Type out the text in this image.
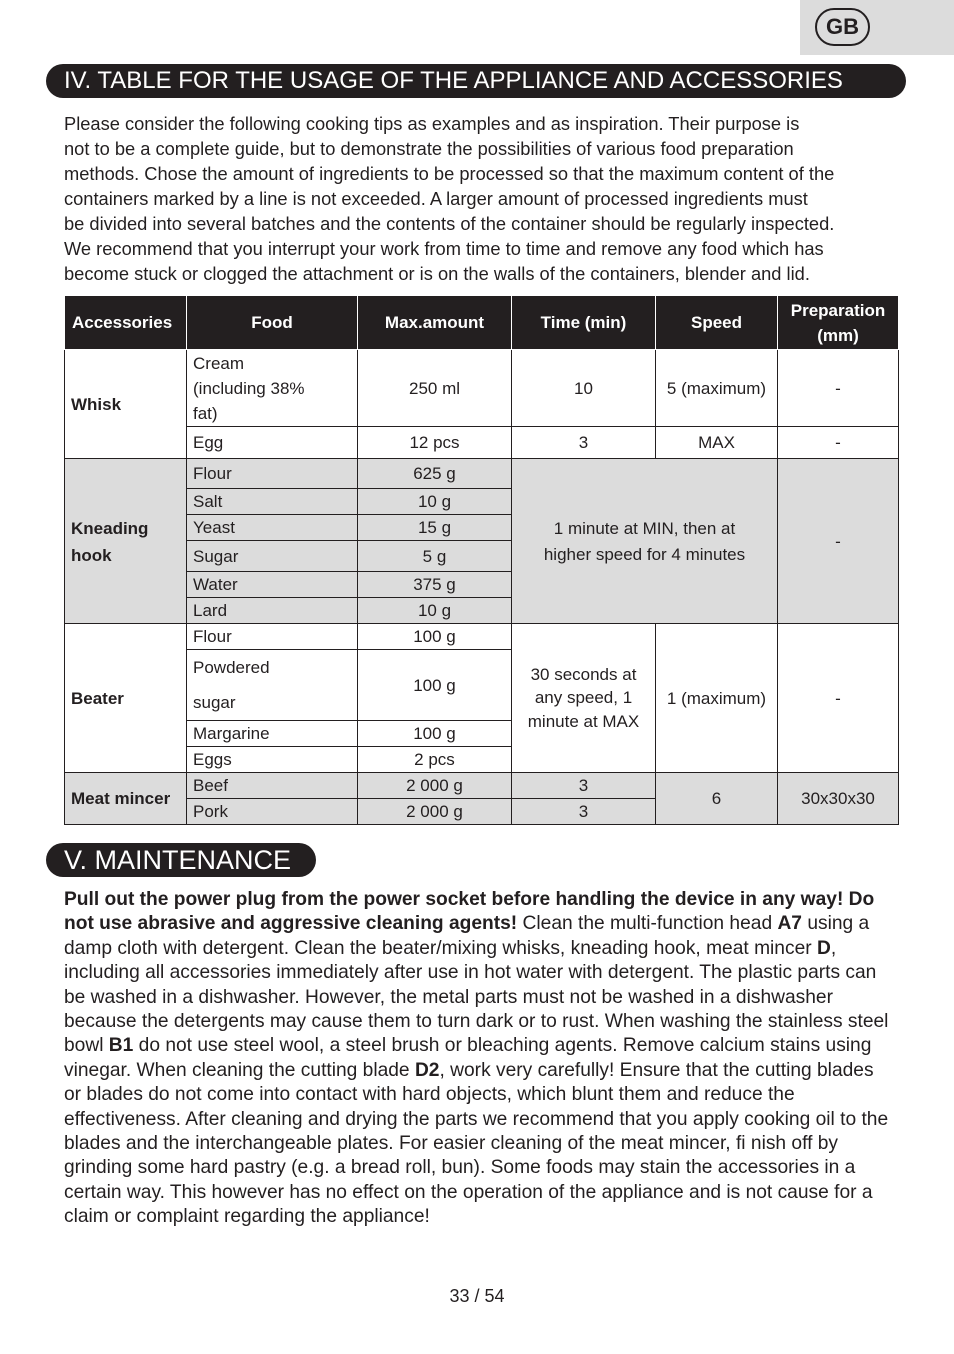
GB
IV. TABLE FOR THE USAGE OF THE APPLIANCE AND ACCESSORIES

Please consider the following cooking tips as examples and as inspiration. Their purpose is

not to be a complete guide, but to demonstrate the possibilities of various food preparation

methods. Chose the amount of ingredients to be processed so that the maximum content of the

containers marked by a line is not exceeded. A larger amount of processed ingredients must

be divided into several batches and the contents of the container should be regularly inspected.

We recommend that you interrupt your work from time to time and remove any food which has

become stuck or clogged the attachment or is on the walls of the containers, blender and lid.

Accessories	Food	Max.amount	Time (min)	Speed	Preparation (mm)
Whisk	Cream (including 38% fat)	250 ml	10	5 (maximum)	-
	Egg	12 pcs	3	MAX	-

Kneading hook	Flour	625 g	1 minute at MIN, then at higher speed for 4 minutes		-
	Salt	10 g			
	Yeast	15 g			
	Sugar	5 g			
	Water	375 g			
	Lard	10 g			
Beater	Flour	100 g	30 seconds at any speed, 1 minute at MAX	1 (maximum)	-

	Powdered sugar	100 g			
	Margarine	100 g			
	Eggs	2 pcs			
Meat mincer	Beef	2 000 g	3	6	30x30x30
	Pork	2 000 g	3		
V. MAINTENANCE

Pull out the power plug from the power socket before handling the device in any way! Do not use abrasive and aggressive cleaning agents! Clean the multi-function head A7 using a damp cloth with detergent. Clean the beater/mixing whisks, kneading hook, meat mincer D, including all accessories immediately after use in hot water with detergent. The plastic parts can be washed in a dishwasher. However, the metal parts must not be washed in a dishwasher because the detergents may cause them to turn dark or to rust. When washing the stainless steel bowl B1 do not use steel wool, a steel brush or bleaching agents. Remove calcium stains using vinegar. When cleaning the cutting blade D2, work very carefully! Ensure that the cutting blades or blades do not come into contact with hard objects, which blunt them and reduce the effectiveness. After cleaning and drying the parts we recommend that you apply cooking oil to the blades and the interchangeable plates. For easier cleaning of the meat mincer, fi nish off by grinding some hard pastry (e.g. a bread roll, bun). Some foods may stain the accessories in a certain way. This however has no effect on the operation of the appliance and is not cause for a claim or complaint regarding the appliance!

33 / 54
